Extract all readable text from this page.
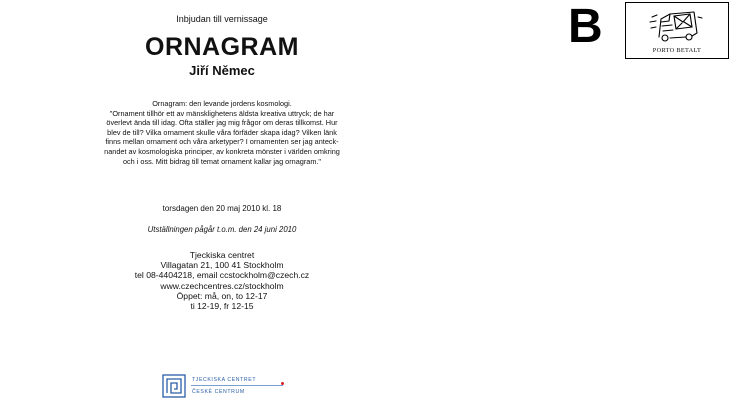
Inbjudan till vernissage
ORNAGRAM
Jiří Němec
Ornagram: den levande jordens kosmologi.
"Ornament tillhör ett av mänsklighetens äldsta kreativa uttryck; de har
överlevt ända till idag. Ofta ställer jag mig frågor om deras tillkomst. Hur
blev de till? Vilka ornament skulle våra förfäder skapa idag? Vilken länk
finns mellan ornament och våra arketyper? I ornamenten ser jag anteck-
nandet av kosmologiska principer, av konkreta mönster i världen omkring
och i oss. Mitt bidrag till temat ornament kallar jag ornagram."
torsdagen den 20 maj 2010 kl. 18
Utställningen pågår t.o.m. den 24 juni 2010
Tjeckiska centret
Villagatan 21, 100 41 Stockholm
tel 08-4404218, email ccstockholm@czech.cz
www.czechcentres.cz/stockholm
Öppet: må, on, to 12-17
ti 12-19, fr 12-15
B	PORTO BETALT
TJECKISKA CENTRET
ČESKÉ CENTRUM
